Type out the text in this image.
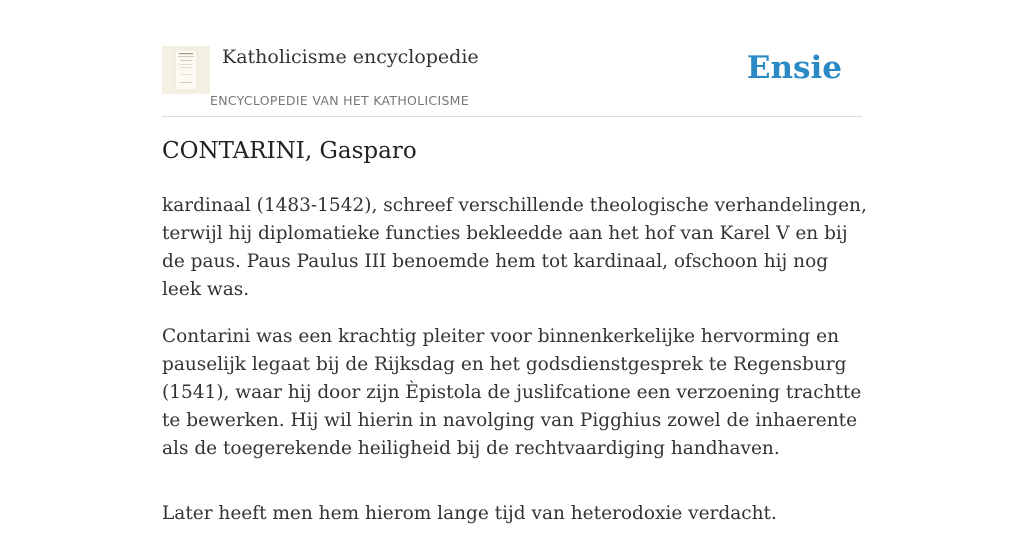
Katholicisme encyclopedie
ENCYCLOPEDIE VAN HET KATHOLICISME
Ensie
CONTARINI, Gasparo

kardinaal (1483-1542), schreef verschillende theologische verhandelingen, terwijl hij diplomatieke functies bekleedde aan het hof van Karel V en bij de paus. Paus Paulus III benoemde hem tot kardinaal, ofschoon hij nog leek was.

Contarini was een krachtig pleiter voor binnenkerkelijke hervorming en pauselijk legaat bij de Rijksdag en het godsdienstgesprek te Regensburg (1541), waar hij door zijn Èpistola de juslifcatione een verzoening trachtte te bewerken. Hij wil hierin in navolging van Pigghius zowel de inhaerente als de toegerekende heiligheid bij de rechtvaardiging handhaven.

Later heeft men hem hierom lange tijd van heterodoxie verdacht.
